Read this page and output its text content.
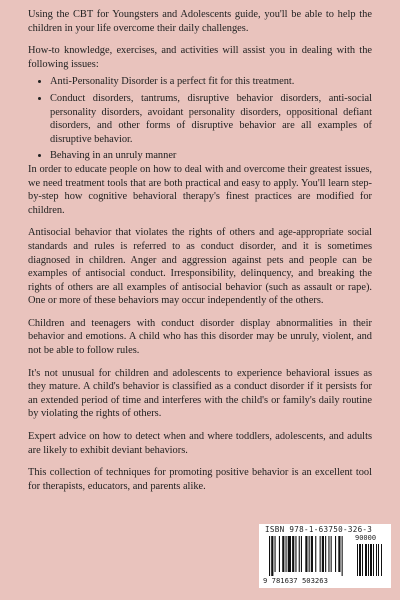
Using the CBT for Youngsters and Adolescents guide, you'll be able to help the children in your life overcome their daily challenges.

How-to knowledge, exercises, and activities will assist you in dealing with the following issues:

• Anti-Personality Disorder is a perfect fit for this treatment.
• Conduct disorders, tantrums, disruptive behavior disorders, anti-social personality disorders, avoidant personality disorders, oppositional defiant disorders, and other forms of disruptive behavior are all examples of disruptive behavior.
• Behaving in an unruly manner

In order to educate people on how to deal with and overcome their greatest issues, we need treatment tools that are both practical and easy to apply. You'll learn step-by-step how cognitive behavioral therapy's finest practices are modified for children.

Antisocial behavior that violates the rights of others and age-appropriate social standards and rules is referred to as conduct disorder, and it is sometimes diagnosed in children. Anger and aggression against pets and people can be examples of antisocial conduct. Irresponsibility, delinquency, and breaking the rights of others are all examples of antisocial behavior (such as assault or rape). One or more of these behaviors may occur independently of the others.

Children and teenagers with conduct disorder display abnormalities in their behavior and emotions. A child who has this disorder may be unruly, violent, and not be able to follow rules.

It's not unusual for children and adolescents to experience behavioral issues as they mature. A child's behavior is classified as a conduct disorder if it persists for an extended period of time and interferes with the child's or family's daily routine by violating the rights of others.

Expert advice on how to detect when and where toddlers, adolescents, and adults are likely to exhibit deviant behaviors.

This collection of techniques for promoting positive behavior is an excellent tool for therapists, educators, and parents alike.

ISBN 978-1-63750-326-3
90000
9 781637 503263
